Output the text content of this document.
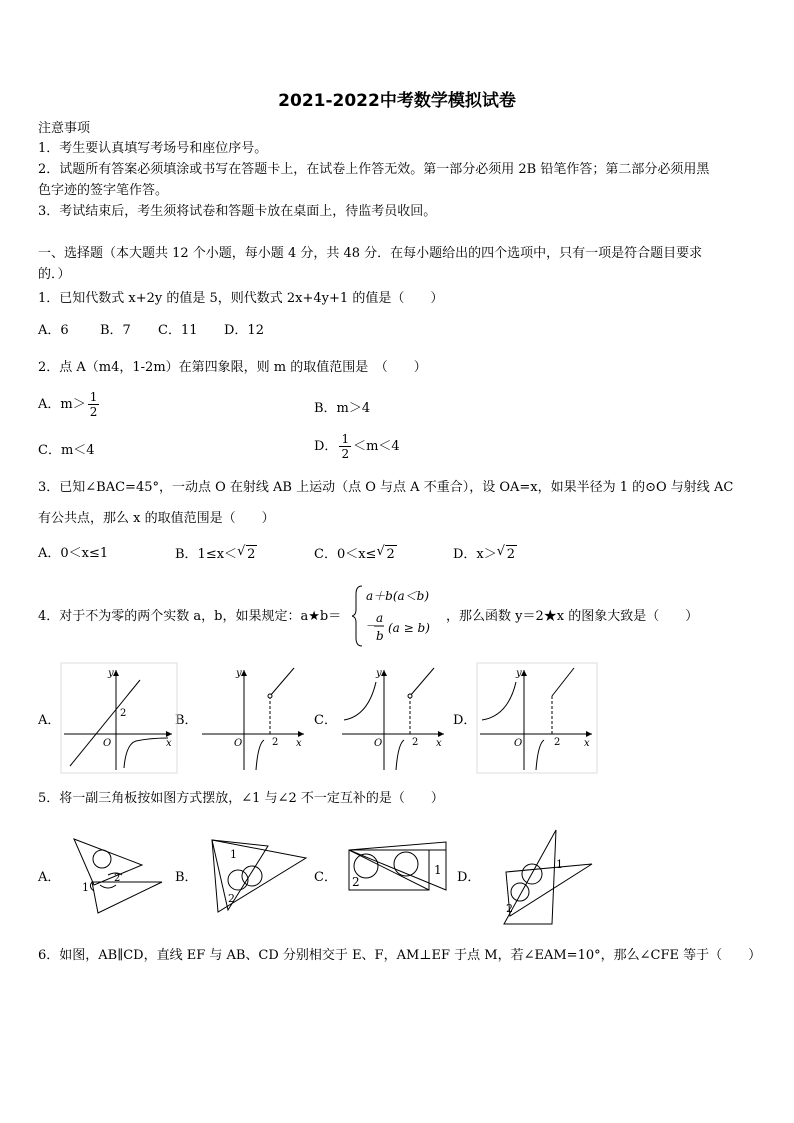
2021-2022中考数学模拟试卷
注意事项
1．考生要认真填写考场号和座位序号。
2．试题所有答案必须填涂或书写在答题卡上，在试卷上作答无效。第一部分必须用 2B 铅笔作答；第二部分必须用黑
色字迹的签字笔作答。
3．考试结束后，考生须将试卷和答题卡放在桌面上，待监考员收回。
一、选择题（本大题共 12 个小题，每小题 4 分，共 48 分．在每小题给出的四个选项中，只有一项是符合题目要求
的．）
1．已知代数式 x+2y 的值是 5，则代数式 2x+4y+1 的值是（　　）
A．6 B．7 C．11 D．12
2．点 A（m4，1-2m）在第四象限，则 m 的取值范围是　（　　）
A．$m> \frac{1}{2}$	B．m＞4
C．m＜4	D． $\frac{1}{2} <m<4$
3．已知∠BAC=45°，一动点 O 在射线 AB 上运动（点 O 与点 A 不重合），设 OA=x，如果半径为 1 的⊙O 与射线 AC
有公共点，那么 x 的取值范围是（　　）
A．0＜x≤1	B．1≤x＜ √ 2	C．0＜x≤ √ 2	D．x＞ √ 2
4．对于不为零的两个实数 a，b，如果规定：a★b＝
a＋b(a＜b)
－
a
b
(a ≥ b)
，那么函数 y＝2★x 的图象大致是（　　）
A．	B．	C．	D．
2
O
y
x	2
O
y
x	2
O
y
x	2
O
y
x
5．将一副三角板按如图方式摆放，∠1 与∠2 不一定互补的是（　　）
A．	B．	C．	D．
1
2
1
2
2
1	1
2
6．如图，AB∥CD，直线 EF 与 AB、CD 分别相交于 E、F，AM⊥EF 于点 M，若∠EAM=10°，那么∠CFE 等于（　　）
